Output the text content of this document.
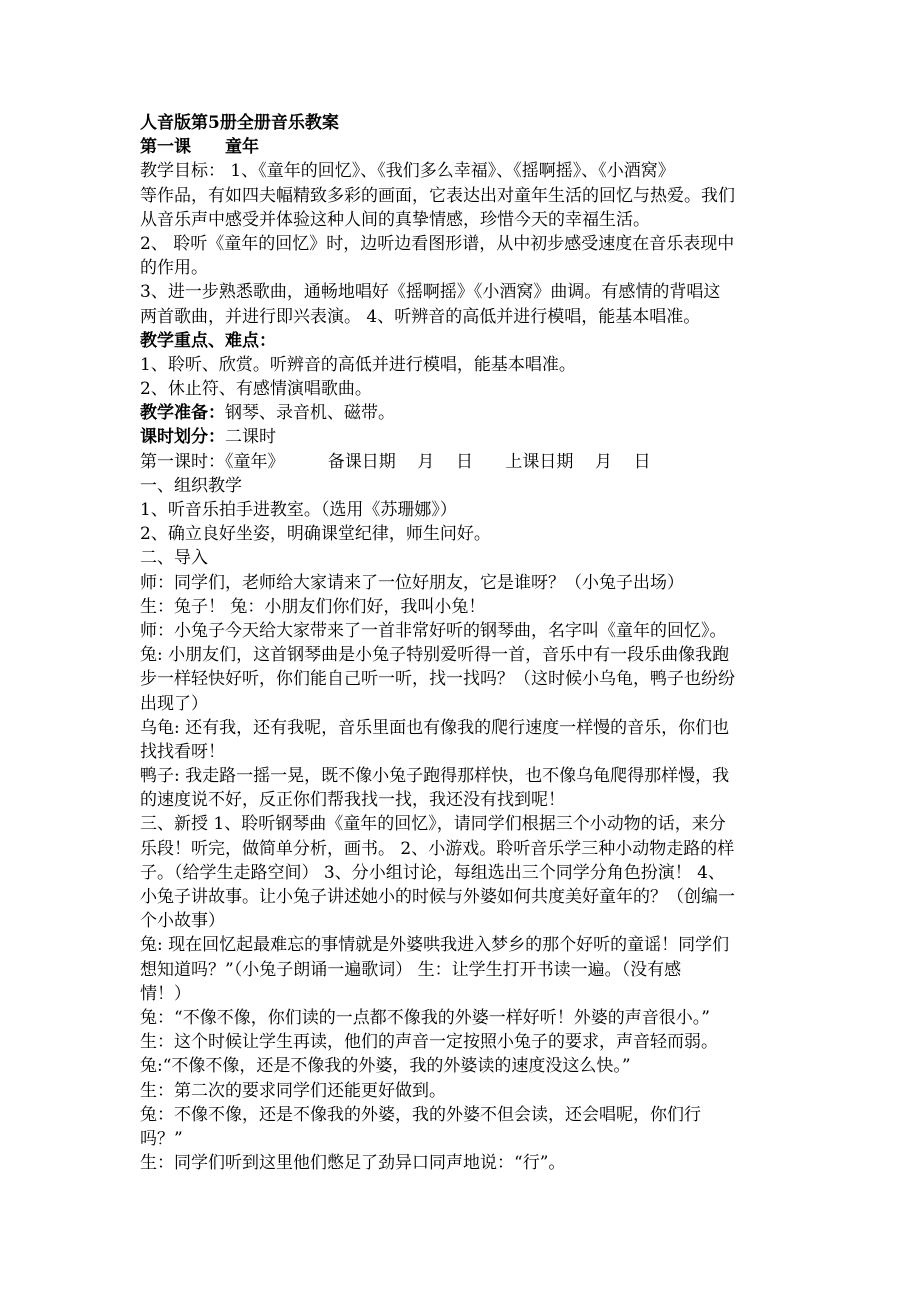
人音版第5册全册音乐教案
第一课 童年
教学目标： 1、《童年的回忆》、《我们多么幸福》、《摇啊摇》、《小酒窝》
等作品，有如四夫幅精致多彩的画面，它表达出对童年生活的回忆与热爱。我们
从音乐声中感受并体验这种人间的真挚情感，珍惜今天的幸福生活。
2、 聆听《童年的回忆》时，边听边看图形谱，从中初步感受速度在音乐表现中
的作用。
3、进一步熟悉歌曲，通畅地唱好《摇啊摇》《小酒窝》曲调。有感情的背唱这
两首歌曲，并进行即兴表演。 4、听辨音的高低并进行模唱，能基本唱准。
教学重点、难点：
1、聆听、欣赏。听辨音的高低并进行模唱，能基本唱准。
2、休止符、有感情演唱歌曲。
教学准备：钢琴、录音机、磁带。
课时划分：二课时
第一课时：《童年》        备课日期    月    日      上课日期    月    日
一、组织教学
1、听音乐拍手进教室。（选用《苏珊娜》）
2、确立良好坐姿，明确课堂纪律，师生问好。
二、导入
师：同学们，老师给大家请来了一位好朋友，它是谁呀？（小兔子出场）
生：兔子！ 兔：小朋友们你们好，我叫小兔！
师：小兔子今天给大家带来了一首非常好听的钢琴曲，名字叫《童年的回忆》。
兔: 小朋友们，这首钢琴曲是小兔子特别爱听得一首，音乐中有一段乐曲像我跑
步一样轻快好听，你们能自己听一听，找一找吗？（这时候小乌龟，鸭子也纷纷
出现了）
乌龟: 还有我，还有我呢，音乐里面也有像我的爬行速度一样慢的音乐，你们也
找找看呀！
鸭子: 我走路一摇一晃，既不像小兔子跑得那样快，也不像乌龟爬得那样慢，我
的速度说不好，反正你们帮我找一找，我还没有找到呢！
三、新授 1、聆听钢琴曲《童年的回忆》，请同学们根据三个小动物的话，来分
乐段！听完，做简单分析，画书。 2、小游戏。聆听音乐学三种小动物走路的样
子。（给学生走路空间） 3、分小组讨论，每组选出三个同学分角色扮演！ 4、
小兔子讲故事。让小兔子讲述她小的时候与外婆如何共度美好童年的？（创编一
个小故事）
兔: 现在回忆起最难忘的事情就是外婆哄我进入梦乡的那个好听的童谣！同学们
想知道吗？”（小兔子朗诵一遍歌词） 生：让学生打开书读一遍。（没有感
情！）
兔：“不像不像，你们读的一点都不像我的外婆一样好听！外婆的声音很小。”
生：这个时候让学生再读，他们的声音一定按照小兔子的要求，声音轻而弱。
兔:“不像不像，还是不像我的外婆，我的外婆读的速度没这么快。”
生：第二次的要求同学们还能更好做到。
兔：不像不像，还是不像我的外婆，我的外婆不但会读，还会唱呢，你们行
吗？”
生：同学们听到这里他们憋足了劲异口同声地说：“行”。
